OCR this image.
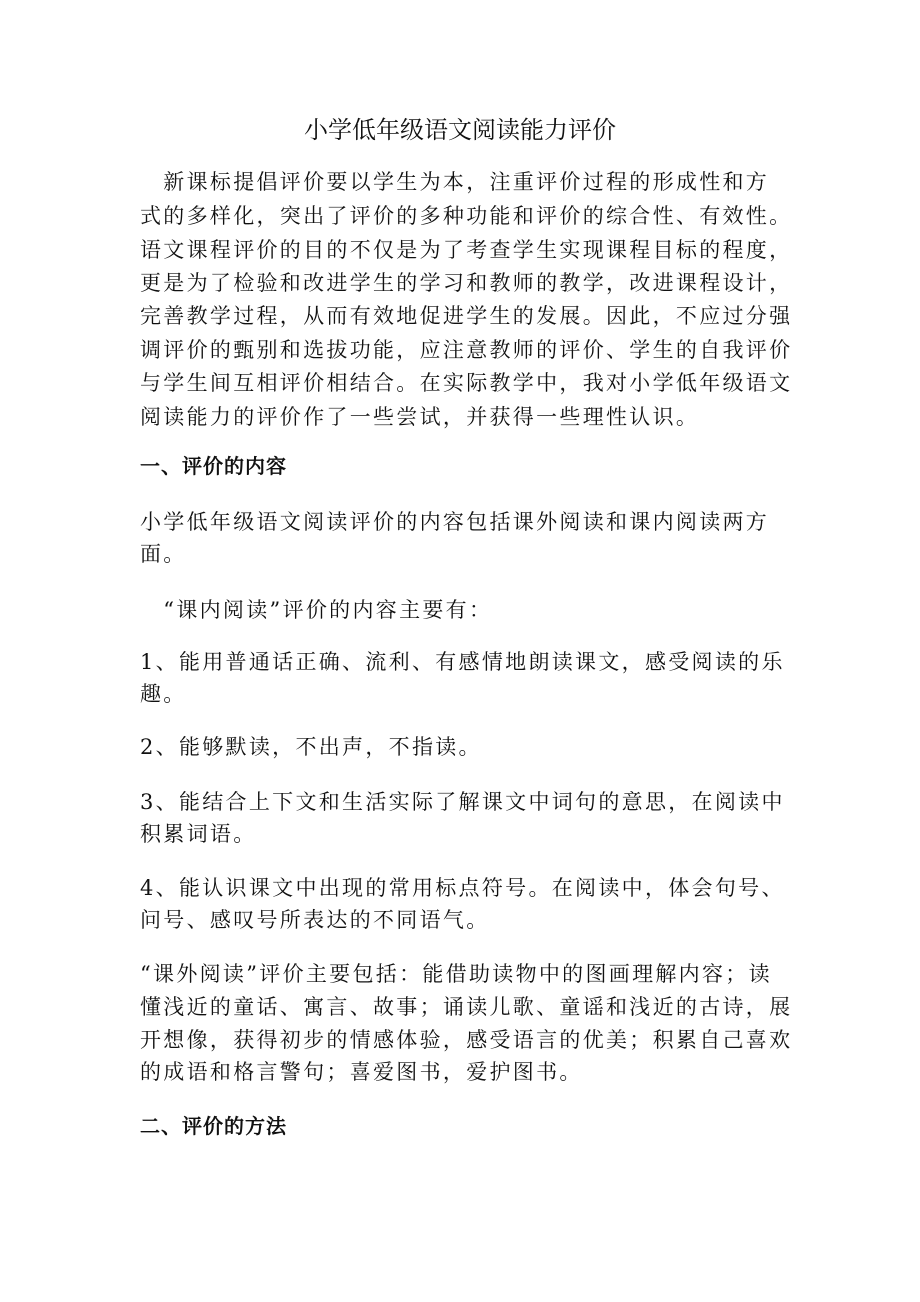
小学低年级语文阅读能力评价
　新课标提倡评价要以学生为本，注重评价过程的形成性和方
式的多样化，突出了评价的多种功能和评价的综合性、有效性。
语文课程评价的目的不仅是为了考查学生实现课程目标的程度，
更是为了检验和改进学生的学习和教师的教学，改进课程设计，
完善教学过程，从而有效地促进学生的发展。因此，不应过分强
调评价的甄别和选拔功能，应注意教师的评价、学生的自我评价
与学生间互相评价相结合。在实际教学中，我对小学低年级语文
阅读能力的评价作了一些尝试，并获得一些理性认识。
一、评价的内容
小学低年级语文阅读评价的内容包括课外阅读和课内阅读两方
面。
　“课内阅读”评价的内容主要有：
1、能用普通话正确、流利、有感情地朗读课文，感受阅读的乐
趣。
2、能够默读，不出声，不指读。
3、能结合上下文和生活实际了解课文中词句的意思，在阅读中
积累词语。
4、能认识课文中出现的常用标点符号。在阅读中，体会句号、
问号、感叹号所表达的不同语气。
“课外阅读”评价主要包括：能借助读物中的图画理解内容；读
懂浅近的童话、寓言、故事；诵读儿歌、童谣和浅近的古诗，展
开想像，获得初步的情感体验，感受语言的优美；积累自己喜欢
的成语和格言警句；喜爱图书，爱护图书。
二、评价的方法
